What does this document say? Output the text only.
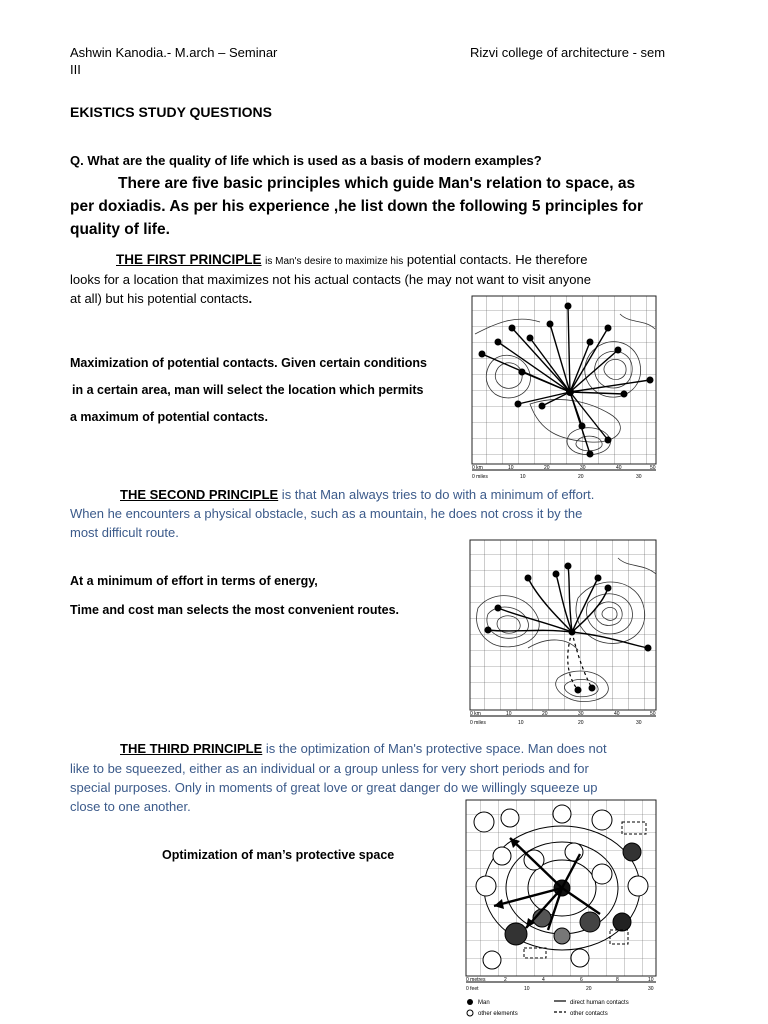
Ashwin Kanodia.- M.arch – Seminar
III
Rizvi college of architecture - sem
EKISTICS STUDY QUESTIONS
Q. What are the quality of life which is used as a basis of modern examples?
There are five basic principles which guide Man's relation to space, as
per doxiadis. As per his experience ,he list down the following 5 principles for
quality of life.
THE FIRST PRINCIPLE is Man's desire to maximize his potential contacts. He therefore
looks for a location that maximizes not his actual contacts (he may not want to visit anyone
at all) but his potential contacts.
Maximization of potential contacts. Given certain conditions
in a certain area, man will select the location which permits
a maximum of potential contacts.
0 km
0 miles
10	20	30	40	50
10	20	30
THE SECOND PRINCIPLE is that Man always tries to do with a minimum of effort.
When he encounters a physical obstacle, such as a mountain, he does not cross it by the
most difficult route.
At a minimum of effort in terms of energy,
Time and cost man selects the most convenient routes.
0 km
0 miles
10	20	30	40	50
10	20	30
THE THIRD PRINCIPLE is the optimization of Man's protective space. Man does not
like to be squeezed, either as an individual or a group unless for very short periods and for
special purposes. Only in moments of great love or great danger do we willingly squeeze up
close to one another.
Optimization of man’s protective space
0 metres
0 feet
2	4	6	8	10
10	20	30
Man
other elements
direct human contacts
other contacts
